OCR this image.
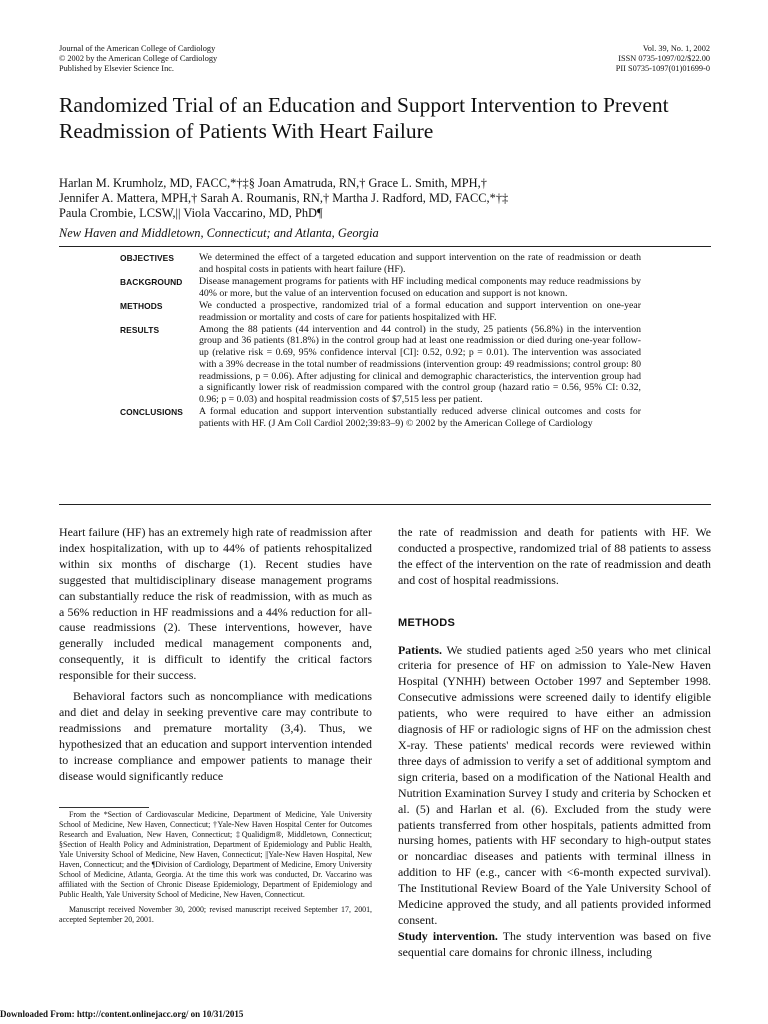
Journal of the American College of Cardiology
© 2002 by the American College of Cardiology
Published by Elsevier Science Inc.
Vol. 39, No. 1, 2002
ISSN 0735-1097/02/$22.00
PII S0735-1097(01)01699-0
Randomized Trial of an Education and Support Intervention to Prevent Readmission of Patients With Heart Failure
Harlan M. Krumholz, MD, FACC,*†‡§ Joan Amatruda, RN,† Grace L. Smith, MPH,†
Jennifer A. Mattera, MPH,† Sarah A. Roumanis, RN,† Martha J. Radford, MD, FACC,*†‡
Paula Crombie, LCSW,|| Viola Vaccarino, MD, PhD¶
New Haven and Middletown, Connecticut; and Atlanta, Georgia
OBJECTIVES	We determined the effect of a targeted education and support intervention on the rate of readmission or death and hospital costs in patients with heart failure (HF).
BACKGROUND	Disease management programs for patients with HF including medical components may reduce readmissions by 40% or more, but the value of an intervention focused on education and support is not known.
METHODS	We conducted a prospective, randomized trial of a formal education and support intervention on one-year readmission or mortality and costs of care for patients hospitalized with HF.
RESULTS	Among the 88 patients (44 intervention and 44 control) in the study, 25 patients (56.8%) in the intervention group and 36 patients (81.8%) in the control group had at least one readmission or died during one-year follow-up (relative risk = 0.69, 95% confidence interval [CI]: 0.52, 0.92; p = 0.01). The intervention was associated with a 39% decrease in the total number of readmissions (intervention group: 49 readmissions; control group: 80 readmissions, p = 0.06). After adjusting for clinical and demographic characteristics, the intervention group had a significantly lower risk of readmission compared with the control group (hazard ratio = 0.56, 95% CI: 0.32, 0.96; p = 0.03) and hospital readmission costs of $7,515 less per patient.
CONCLUSIONS	A formal education and support intervention substantially reduced adverse clinical outcomes and costs for patients with HF. (J Am Coll Cardiol 2002;39:83–9) © 2002 by the American College of Cardiology

Heart failure (HF) has an extremely high rate of readmission after index hospitalization, with up to 44% of patients rehospitalized within six months of discharge (1). Recent studies have suggested that multidisciplinary disease management programs can substantially reduce the risk of readmission, with as much as a 56% reduction in HF readmissions and a 44% reduction for all-cause readmissions (2). These interventions, however, have generally included medical management components and, consequently, it is difficult to identify the critical factors responsible for their success.

Behavioral factors such as noncompliance with medications and diet and delay in seeking preventive care may contribute to readmissions and premature mortality (3,4). Thus, we hypothesized that an education and support intervention intended to increase compliance and empower patients to manage their disease would significantly reduce

From the *Section of Cardiovascular Medicine, Department of Medicine, Yale University School of Medicine, New Haven, Connecticut; †Yale-New Haven Hospital Center for Outcomes Research and Evaluation, New Haven, Connecticut; ‡Qualidigm®, Middletown, Connecticut; §Section of Health Policy and Administration, Department of Epidemiology and Public Health, Yale University School of Medicine, New Haven, Connecticut; ||Yale-New Haven Hospital, New Haven, Connecticut; and the ¶Division of Cardiology, Department of Medicine, Emory University School of Medicine, Atlanta, Georgia. At the time this work was conducted, Dr. Vaccarino was affiliated with the Section of Chronic Disease Epidemiology, Department of Epidemiology and Public Health, Yale University School of Medicine, New Haven, Connecticut.

Manuscript received November 30, 2000; revised manuscript received September 17, 2001, accepted September 20, 2001.

the rate of readmission and death for patients with HF. We conducted a prospective, randomized trial of 88 patients to assess the effect of the intervention on the rate of readmission and death and cost of hospital readmissions.

METHODS

Patients. We studied patients aged ≥50 years who met clinical criteria for presence of HF on admission to Yale-New Haven Hospital (YNHH) between October 1997 and September 1998. Consecutive admissions were screened daily to identify eligible patients, who were required to have either an admission diagnosis of HF or radiologic signs of HF on the admission chest X-ray. These patients' medical records were reviewed within three days of admission to verify a set of additional symptom and sign criteria, based on a modification of the National Health and Nutrition Examination Survey I study and criteria by Schocken et al. (5) and Harlan et al. (6). Excluded from the study were patients transferred from other hospitals, patients admitted from nursing homes, patients with HF secondary to high-output states or noncardiac diseases and patients with terminal illness in addition to HF (e.g., cancer with <6-month expected survival). The Institutional Review Board of the Yale University School of Medicine approved the study, and all patients provided informed consent.

Study intervention. The study intervention was based on five sequential care domains for chronic illness, including

Downloaded From: http://content.onlinejacc.org/ on 10/31/2015
